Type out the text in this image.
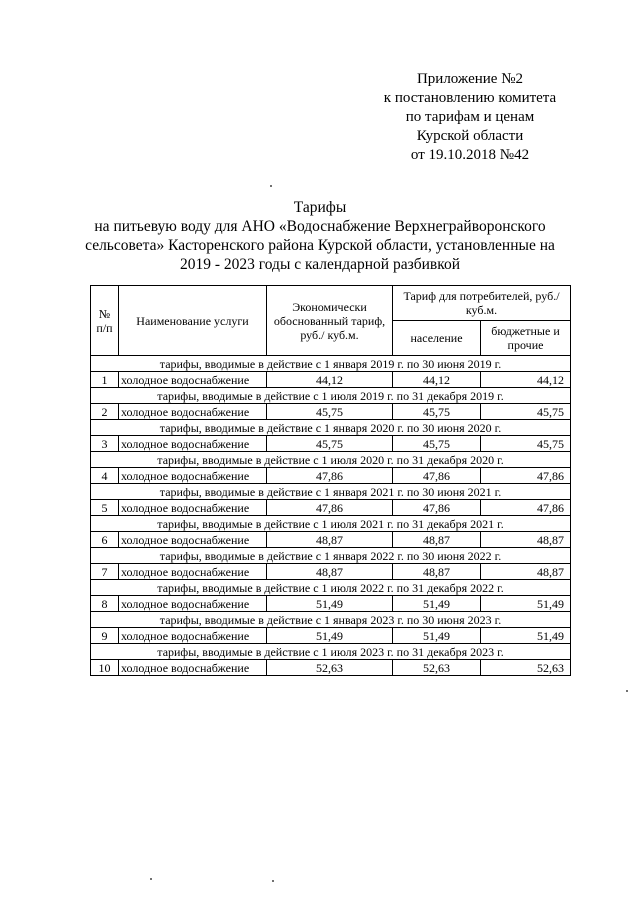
Приложение №2
к постановлению комитета
по тарифам и ценам
Курской области
от 19.10.2018 №42
Тарифы
на питьевую воду для АНО «Водоснабжение Верхнеграйворонского
сельсовета» Касторенского района Курской области, установленные на
2019 - 2023 годы с календарной разбивкой
№ п/п	Наименование услуги	Экономически обоснованный тариф, руб./ куб.м.	Тариф для потребителей, руб./куб.м.	
			население	бюджетные и прочие
тарифы, вводимые в действие с 1 января 2019 г. по 30 июня 2019 г.				
1	холодное водоснабжение	44,12	44,12	44,12
тарифы, вводимые в действие с 1 июля 2019 г. по 31 декабря 2019 г.				
2	холодное водоснабжение	45,75	45,75	45,75
тарифы, вводимые в действие с 1 января 2020 г. по 30 июня 2020 г.				
3	холодное водоснабжение	45,75	45,75	45,75
тарифы, вводимые в действие с 1 июля 2020 г. по 31 декабря 2020 г.				
4	холодное водоснабжение	47,86	47,86	47,86
тарифы, вводимые в действие с 1 января 2021 г. по 30 июня 2021 г.				
5	холодное водоснабжение	47,86	47,86	47,86
тарифы, вводимые в действие с 1 июля 2021 г. по 31 декабря 2021 г.				
6	холодное водоснабжение	48,87	48,87	48,87
тарифы, вводимые в действие с 1 января 2022 г. по 30 июня 2022 г.				
7	холодное водоснабжение	48,87	48,87	48,87
тарифы, вводимые в действие с 1 июля 2022 г. по 31 декабря 2022 г.				
8	холодное водоснабжение	51,49	51,49	51,49
тарифы, вводимые в действие с 1 января 2023 г. по 30 июня 2023 г.				
9	холодное водоснабжение	51,49	51,49	51,49
тарифы, вводимые в действие с 1 июля 2023 г. по 31 декабря 2023 г.				
10	холодное водоснабжение	52,63	52,63	52,63
